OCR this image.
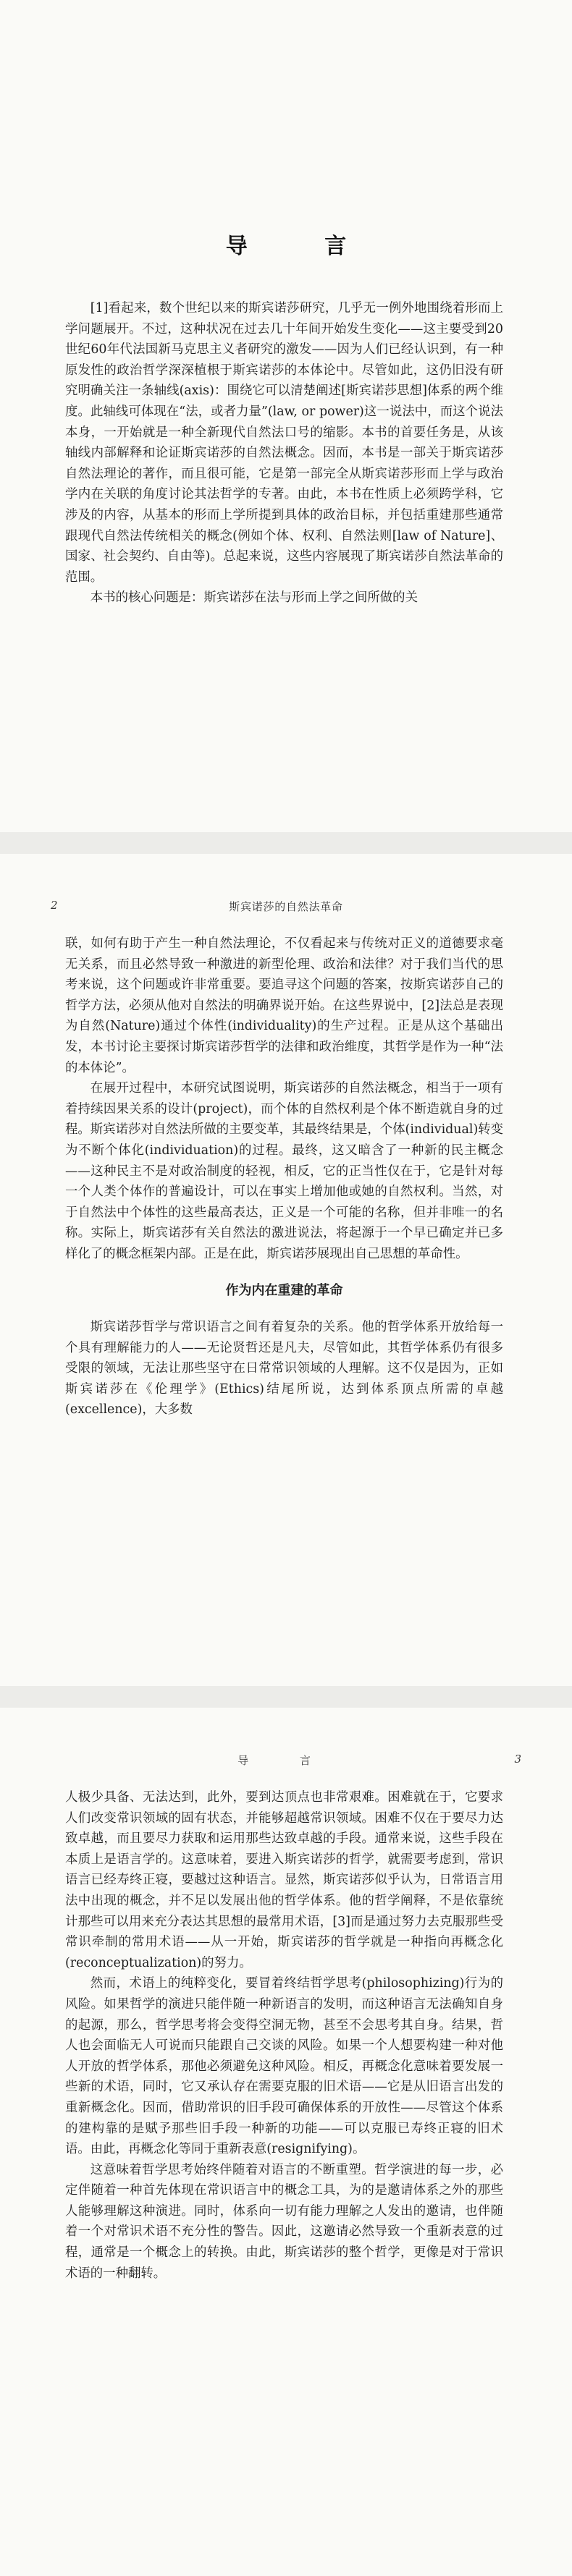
导 言

[1]看起来，数个世纪以来的斯宾诺莎研究，几乎无一例外地围绕着形而上学问题展开。不过，这种状况在过去几十年间开始发生变化——这主要受到20世纪60年代法国新马克思主义者研究的激发——因为人们已经认识到，有一种原发性的政治哲学深深植根于斯宾诺莎的本体论中。尽管如此，这仍旧没有研究明确关注一条轴线(axis)：围绕它可以清楚阐述[斯宾诺莎思想]体系的两个维度。此轴线可体现在“法，或者力量”(law, or power)这一说法中，而这个说法本身，一开始就是一种全新现代自然法口号的缩影。本书的首要任务是，从该轴线内部解释和论证斯宾诺莎的自然法概念。因而，本书是一部关于斯宾诺莎自然法理论的著作，而且很可能，它是第一部完全从斯宾诺莎形而上学与政治学内在关联的角度讨论其法哲学的专著。由此，本书在性质上必须跨学科，它涉及的内容，从基本的形而上学所提到具体的政治目标，并包括重建那些通常跟现代自然法传统相关的概念(例如个体、权利、自然法则[law of Nature]、国家、社会契约、自由等)。总起来说，这些内容展现了斯宾诺莎自然法革命的范围。

本书的核心问题是：斯宾诺莎在法与形而上学之间所做的关

2	斯宾诺莎的自然法革命

联，如何有助于产生一种自然法理论，不仅看起来与传统对正义的道德要求毫无关系，而且必然导致一种激进的新型伦理、政治和法律？对于我们当代的思考来说，这个问题或许非常重要。要追寻这个问题的答案，按斯宾诺莎自己的哲学方法，必须从他对自然法的明确界说开始。在这些界说中，[2]法总是表现为自然(Nature)通过个体性(individuality)的生产过程。正是从这个基础出发，本书讨论主要探讨斯宾诺莎哲学的法律和政治维度，其哲学是作为一种“法的本体论”。

在展开过程中，本研究试图说明，斯宾诺莎的自然法概念，相当于一项有着持续因果关系的设计(project)，而个体的自然权利是个体不断造就自身的过程。斯宾诺莎对自然法所做的主要变革，其最终结果是，个体(individual)转变为不断个体化(individuation)的过程。最终，这又暗含了一种新的民主概念——这种民主不是对政治制度的轻视，相反，它的正当性仅在于，它是针对每一个人类个体作的普遍设计，可以在事实上增加他或她的自然权利。当然，对于自然法中个体性的这些最高表达，正义是一个可能的名称，但并非唯一的名称。实际上，斯宾诺莎有关自然法的激进说法，将起源于一个早已确定并已多样化了的概念框架内部。正是在此，斯宾诺莎展现出自己思想的革命性。

作为内在重建的革命

斯宾诺莎哲学与常识语言之间有着复杂的关系。他的哲学体系开放给每一个具有理解能力的人——无论贤哲还是凡夫，尽管如此，其哲学体系仍有很多受限的领域，无法让那些坚守在日常常识领域的人理解。这不仅是因为，正如斯宾诺莎在《伦理学》(Ethics)结尾所说，达到体系顶点所需的卓越(excellence)，大多数

导 言	3

人极少具备、无法达到，此外，要到达顶点也非常艰难。困难就在于，它要求人们改变常识领域的固有状态，并能够超越常识领域。困难不仅在于要尽力达致卓越，而且要尽力获取和运用那些达致卓越的手段。通常来说，这些手段在本质上是语言学的。这意味着，要进入斯宾诺莎的哲学，就需要考虑到，常识语言已经寿终正寝，要越过这种语言。显然，斯宾诺莎似乎认为，日常语言用法中出现的概念，并不足以发展出他的哲学体系。他的哲学阐释，不是依靠统计那些可以用来充分表达其思想的最常用术语，[3]而是通过努力去克服那些受常识牵制的常用术语——从一开始，斯宾诺莎的哲学就是一种指向再概念化(reconceptualization)的努力。

然而，术语上的纯粹变化，要冒着终结哲学思考(philosophizing)行为的风险。如果哲学的演进只能伴随一种新语言的发明，而这种语言无法确知自身的起源，那么，哲学思考将会变得空洞无物，甚至不会思考其自身。结果，哲人也会面临无人可说而只能跟自己交谈的风险。如果一个人想要构建一种对他人开放的哲学体系，那他必须避免这种风险。相反，再概念化意味着要发展一些新的术语，同时，它又承认存在需要克服的旧术语——它是从旧语言出发的重新概念化。因而，借助常识的旧手段可确保体系的开放性——尽管这个体系的建构靠的是赋予那些旧手段一种新的功能——可以克服已寿终正寝的旧术语。由此，再概念化等同于重新表意(resignifying)。

这意味着哲学思考始终伴随着对语言的不断重塑。哲学演进的每一步，必定伴随着一种首先体现在常识语言中的概念工具，为的是邀请体系之外的那些人能够理解这种演进。同时，体系向一切有能力理解之人发出的邀请，也伴随着一个对常识术语不充分性的警告。因此，这邀请必然导致一个重新表意的过程，通常是一个概念上的转换。由此，斯宾诺莎的整个哲学，更像是对于常识术语的一种翻转。
